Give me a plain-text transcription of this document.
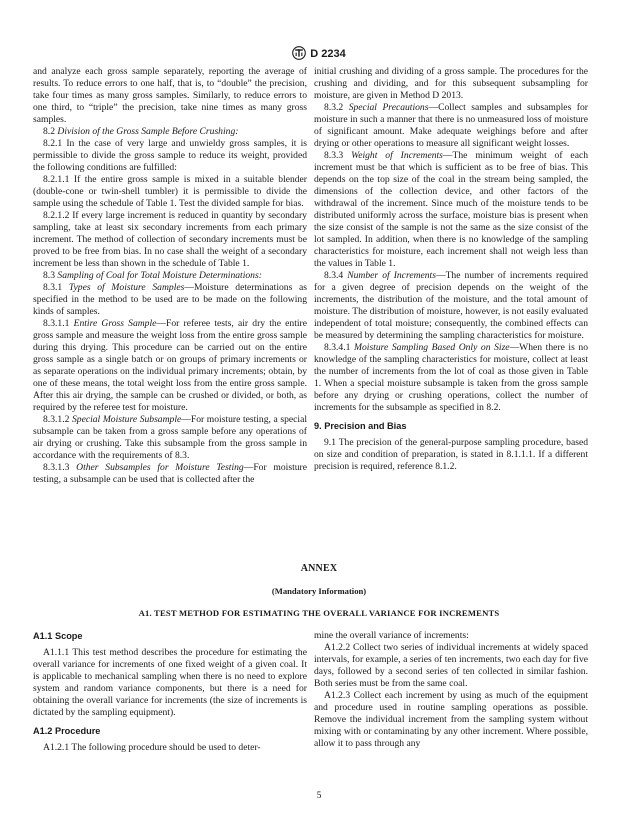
D 2234

and analyze each gross sample separately, reporting the average of results. To reduce errors to one half, that is, to “double” the precision, take four times as many gross samples. Similarly, to reduce errors to one third, to “triple” the precision, take nine times as many gross samples.

8.2 Division of the Gross Sample Before Crushing:

8.2.1 In the case of very large and unwieldy gross samples, it is permissible to divide the gross sample to reduce its weight, provided the following conditions are fulfilled:

8.2.1.1 If the entire gross sample is mixed in a suitable blender (double-cone or twin-shell tumbler) it is permissible to divide the sample using the schedule of Table 1. Test the divided sample for bias.

8.2.1.2 If every large increment is reduced in quantity by secondary sampling, take at least six secondary increments from each primary increment. The method of collection of secondary increments must be proved to be free from bias. In no case shall the weight of a secondary increment be less than shown in the schedule of Table 1.

8.3 Sampling of Coal for Total Moisture Determinations:

8.3.1 Types of Moisture Samples—Moisture determinations as specified in the method to be used are to be made on the following kinds of samples.

8.3.1.1 Entire Gross Sample—For referee tests, air dry the entire gross sample and measure the weight loss from the entire gross sample during this drying. This procedure can be carried out on the entire gross sample as a single batch or on groups of primary increments or as separate operations on the individual primary increments; obtain, by one of these means, the total weight loss from the entire gross sample. After this air drying, the sample can be crushed or divided, or both, as required by the referee test for moisture.

8.3.1.2 Special Moisture Subsample—For moisture testing, a special subsample can be taken from a gross sample before any operations of air drying or crushing. Take this subsample from the gross sample in accordance with the requirements of 8.3.

8.3.1.3 Other Subsamples for Moisture Testing—For moisture testing, a subsample can be used that is collected after the

initial crushing and dividing of a gross sample. The procedures for the crushing and dividing, and for this subsequent subsampling for moisture, are given in Method D 2013.

8.3.2 Special Precautions—Collect samples and subsamples for moisture in such a manner that there is no unmeasured loss of moisture of significant amount. Make adequate weighings before and after drying or other operations to measure all significant weight losses.

8.3.3 Weight of Increments—The minimum weight of each increment must be that which is sufficient as to be free of bias. This depends on the top size of the coal in the stream being sampled, the dimensions of the collection device, and other factors of the withdrawal of the increment. Since much of the moisture tends to be distributed uniformly across the surface, moisture bias is present when the size consist of the sample is not the same as the size consist of the lot sampled. In addition, when there is no knowledge of the sampling characteristics for moisture, each increment shall not weigh less than the values in Table 1.

8.3.4 Number of Increments—The number of increments required for a given degree of precision depends on the weight of the increments, the distribution of the moisture, and the total amount of moisture. The distribution of moisture, however, is not easily evaluated independent of total moisture; consequently, the combined effects can be measured by determining the sampling characteristics for moisture.

8.3.4.1 Moisture Sampling Based Only on Size—When there is no knowledge of the sampling characteristics for moisture, collect at least the number of increments from the lot of coal as those given in Table 1. When a special moisture subsample is taken from the gross sample before any drying or crushing operations, collect the number of increments for the subsample as specified in 8.2.

9. Precision and Bias

9.1 The precision of the general-purpose sampling procedure, based on size and condition of preparation, is stated in 8.1.1.1. If a different precision is required, reference 8.1.2.

ANNEX
(Mandatory Information)
A1. TEST METHOD FOR ESTIMATING THE OVERALL VARIANCE FOR INCREMENTS
A1.1 Scope

A1.1.1 This test method describes the procedure for estimating the overall variance for increments of one fixed weight of a given coal. It is applicable to mechanical sampling when there is no need to explore system and random variance components, but there is a need for obtaining the overall variance for increments (the size of increments is dictated by the sampling equipment).

A1.2 Procedure

A1.2.1 The following procedure should be used to deter-

mine the overall variance of increments:

A1.2.2 Collect two series of individual increments at widely spaced intervals, for example, a series of ten increments, two each day for five days, followed by a second series of ten collected in similar fashion. Both series must be from the same coal.

A1.2.3 Collect each increment by using as much of the equipment and procedure used in routine sampling operations as possible. Remove the individual increment from the sampling system without mixing with or contaminating by any other increment. Where possible, allow it to pass through any

5
